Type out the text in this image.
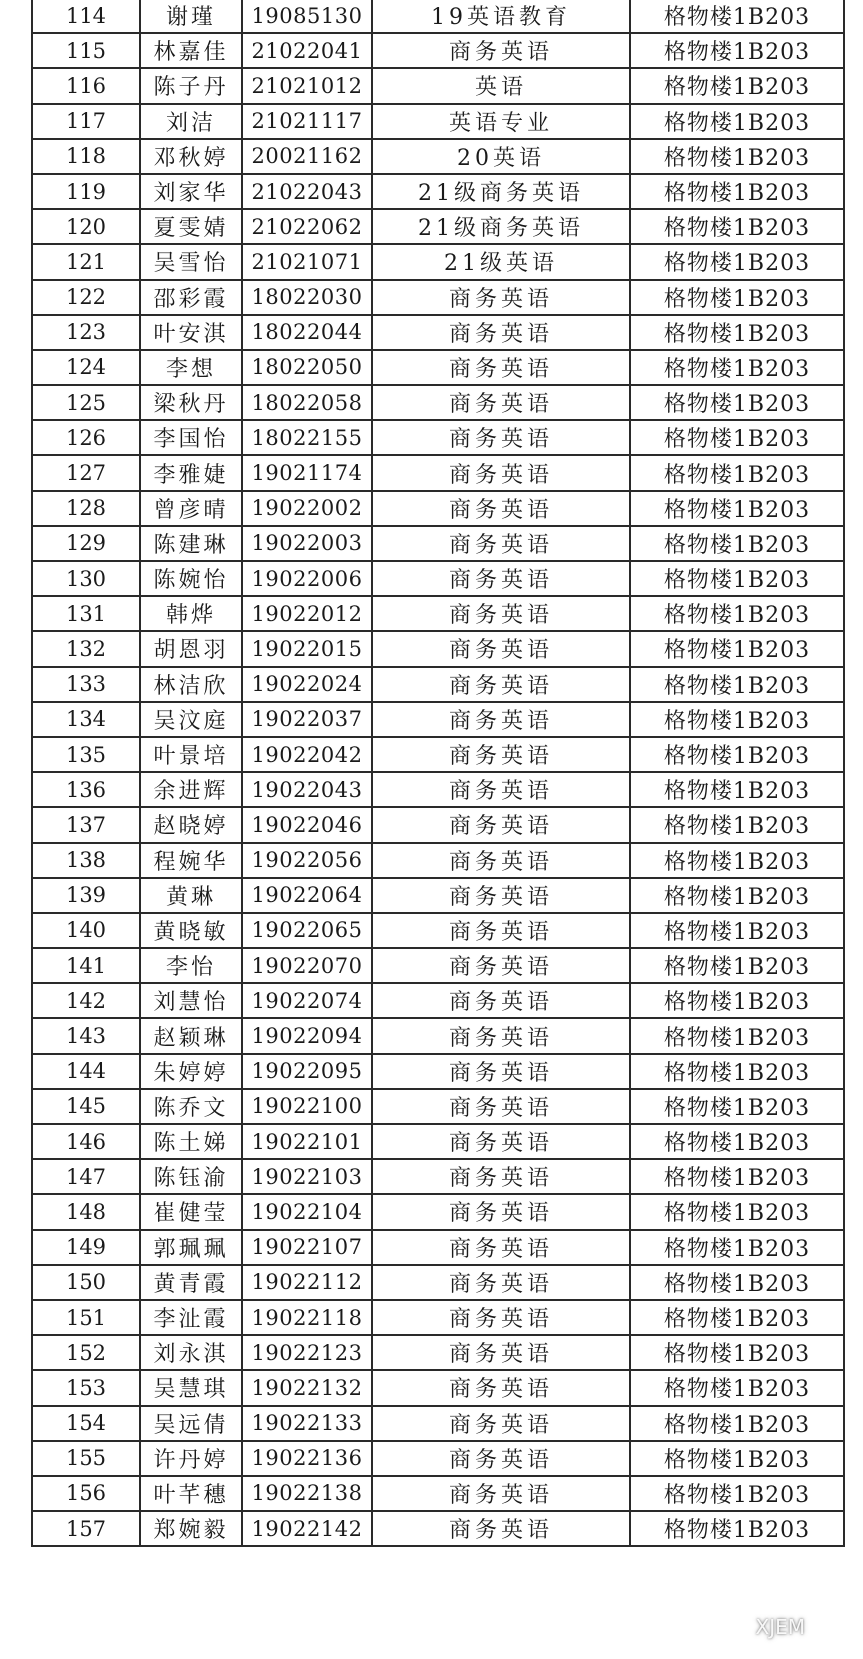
114	谢瑾	19085130	19英语教育	格物楼1B203
115	林嘉佳	21022041	商务英语	格物楼1B203
116	陈子丹	21021012	英语	格物楼1B203
117	刘洁	21021117	英语专业	格物楼1B203
118	邓秋婷	20021162	20英语	格物楼1B203
119	刘家华	21022043	21级商务英语	格物楼1B203
120	夏雯婧	21022062	21级商务英语	格物楼1B203
121	吴雪怡	21021071	21级英语	格物楼1B203
122	邵彩霞	18022030	商务英语	格物楼1B203
123	叶安淇	18022044	商务英语	格物楼1B203
124	李想	18022050	商务英语	格物楼1B203
125	梁秋丹	18022058	商务英语	格物楼1B203
126	李国怡	18022155	商务英语	格物楼1B203
127	李雅婕	19021174	商务英语	格物楼1B203
128	曾彦晴	19022002	商务英语	格物楼1B203
129	陈建琳	19022003	商务英语	格物楼1B203
130	陈婉怡	19022006	商务英语	格物楼1B203
131	韩烨	19022012	商务英语	格物楼1B203
132	胡恩羽	19022015	商务英语	格物楼1B203
133	林洁欣	19022024	商务英语	格物楼1B203
134	吴汶庭	19022037	商务英语	格物楼1B203
135	叶景培	19022042	商务英语	格物楼1B203
136	余进辉	19022043	商务英语	格物楼1B203
137	赵晓婷	19022046	商务英语	格物楼1B203
138	程婉华	19022056	商务英语	格物楼1B203
139	黄琳	19022064	商务英语	格物楼1B203
140	黄晓敏	19022065	商务英语	格物楼1B203
141	李怡	19022070	商务英语	格物楼1B203
142	刘慧怡	19022074	商务英语	格物楼1B203
143	赵颖琳	19022094	商务英语	格物楼1B203
144	朱婷婷	19022095	商务英语	格物楼1B203
145	陈乔文	19022100	商务英语	格物楼1B203
146	陈土娣	19022101	商务英语	格物楼1B203
147	陈钰渝	19022103	商务英语	格物楼1B203
148	崔健莹	19022104	商务英语	格物楼1B203
149	郭珮珮	19022107	商务英语	格物楼1B203
150	黄青霞	19022112	商务英语	格物楼1B203
151	李沚霞	19022118	商务英语	格物楼1B203
152	刘永淇	19022123	商务英语	格物楼1B203
153	吴慧琪	19022132	商务英语	格物楼1B203
154	吴远倩	19022133	商务英语	格物楼1B203
155	许丹婷	19022136	商务英语	格物楼1B203
156	叶芊穗	19022138	商务英语	格物楼1B203
157	郑婉毅	19022142	商务英语	格物楼1B203
XJEM
